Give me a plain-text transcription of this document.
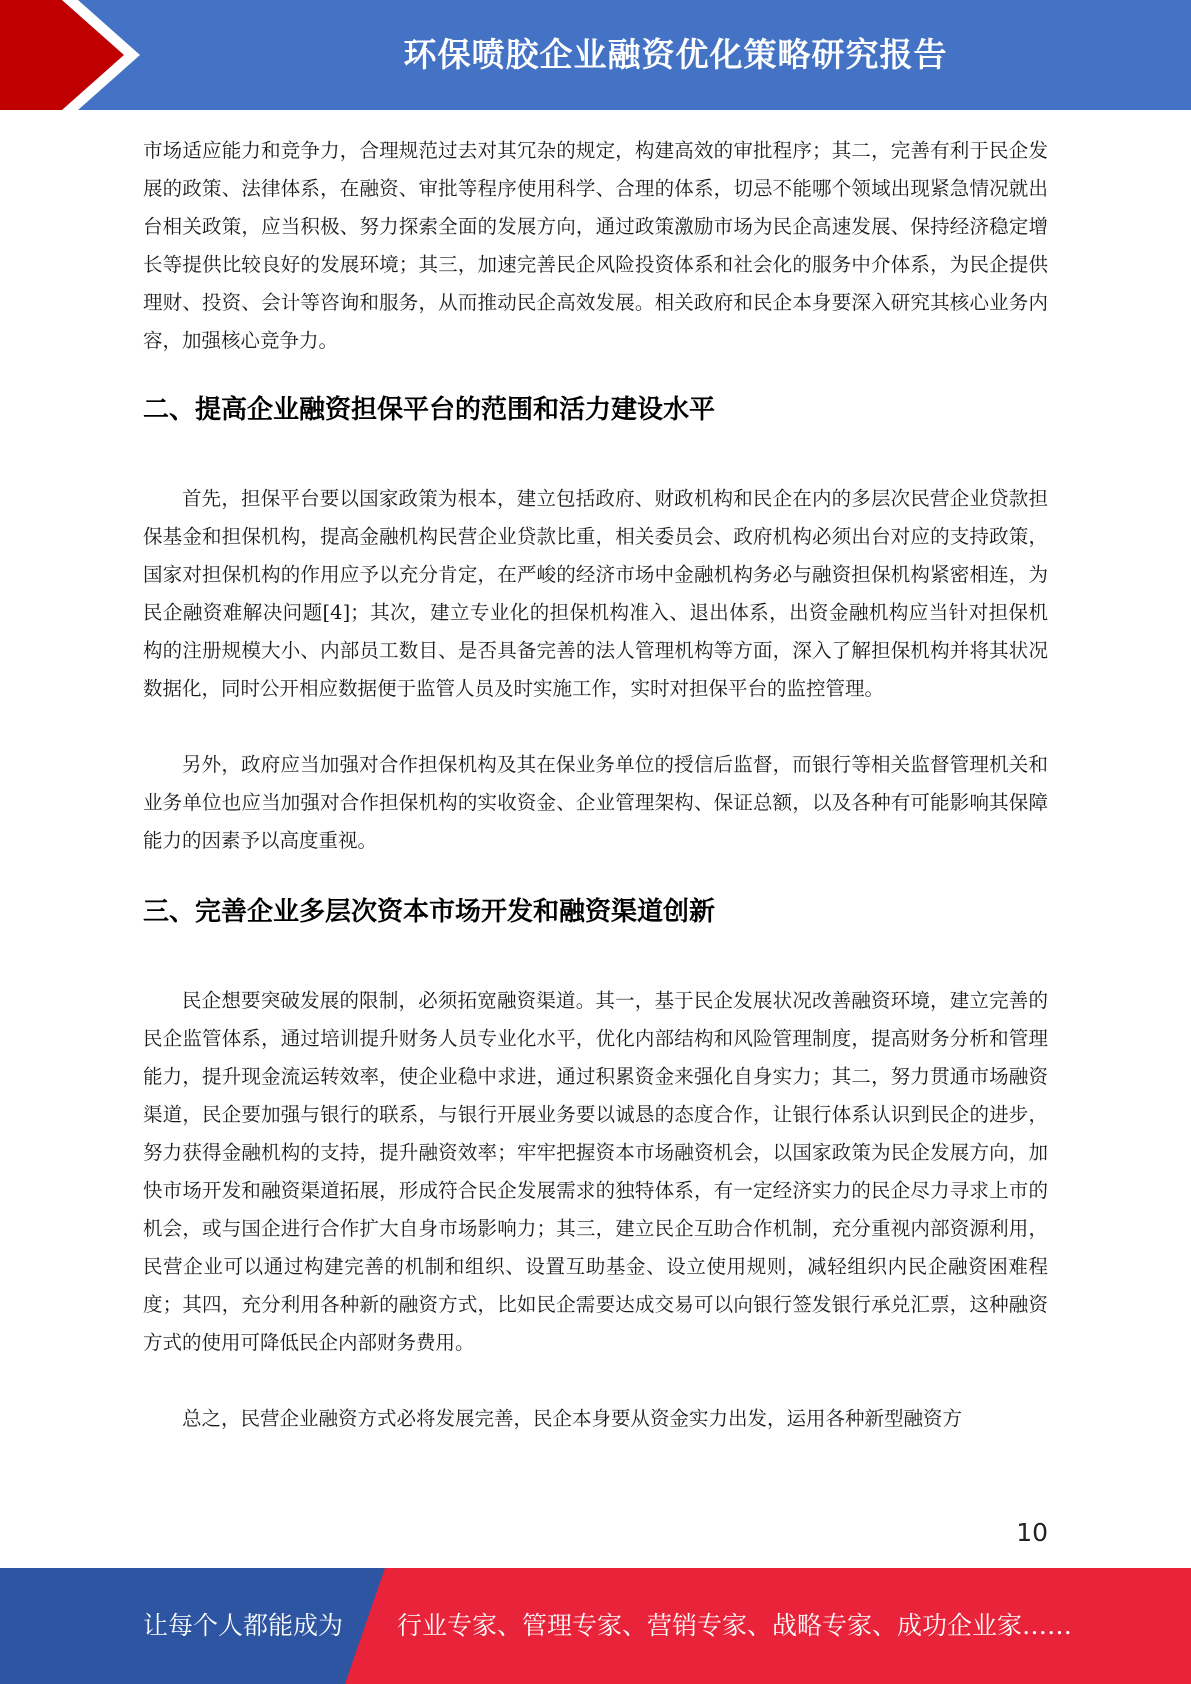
环保喷胶企业融资优化策略研究报告

市场适应能力和竞争力，合理规范过去对其冗杂的规定，构建高效的审批程序；其二，完善有利于民企发展的政策、法律体系，在融资、审批等程序使用科学、合理的体系，切忌不能哪个领域出现紧急情况就出台相关政策，应当积极、努力探索全面的发展方向，通过政策激励市场为民企高速发展、保持经济稳定增长等提供比较良好的发展环境；其三，加速完善民企风险投资体系和社会化的服务中介体系，为民企提供理财、投资、会计等咨询和服务，从而推动民企高效发展。相关政府和民企本身要深入研究其核心业务内容，加强核心竞争力。

二、提高企业融资担保平台的范围和活力建设水平

首先，担保平台要以国家政策为根本，建立包括政府、财政机构和民企在内的多层次民营企业贷款担保基金和担保机构，提高金融机构民营企业贷款比重，相关委员会、政府机构必须出台对应的支持政策，国家对担保机构的作用应予以充分肯定，在严峻的经济市场中金融机构务必与融资担保机构紧密相连，为民企融资难解决问题[4]；其次，建立专业化的担保机构准入、退出体系，出资金融机构应当针对担保机构的注册规模大小、内部员工数目、是否具备完善的法人管理机构等方面，深入了解担保机构并将其状况数据化，同时公开相应数据便于监管人员及时实施工作，实时对担保平台的监控管理。

另外，政府应当加强对合作担保机构及其在保业务单位的授信后监督，而银行等相关监督管理机关和业务单位也应当加强对合作担保机构的实收资金、企业管理架构、保证总额，以及各种有可能影响其保障能力的因素予以高度重视。

三、完善企业多层次资本市场开发和融资渠道创新

民企想要突破发展的限制，必须拓宽融资渠道。其一，基于民企发展状况改善融资环境，建立完善的民企监管体系，通过培训提升财务人员专业化水平，优化内部结构和风险管理制度，提高财务分析和管理能力，提升现金流运转效率，使企业稳中求进，通过积累资金来强化自身实力；其二，努力贯通市场融资渠道，民企要加强与银行的联系，与银行开展业务要以诚恳的态度合作，让银行体系认识到民企的进步，努力获得金融机构的支持，提升融资效率；牢牢把握资本市场融资机会，以国家政策为民企发展方向，加快市场开发和融资渠道拓展，形成符合民企发展需求的独特体系，有一定经济实力的民企尽力寻求上市的机会，或与国企进行合作扩大自身市场影响力；其三，建立民企互助合作机制，充分重视内部资源利用，民营企业可以通过构建完善的机制和组织、设置互助基金、设立使用规则，减轻组织内民企融资困难程度；其四，充分利用各种新的融资方式，比如民企需要达成交易可以向银行签发银行承兑汇票，这种融资方式的使用可降低民企内部财务费用。

总之，民营企业融资方式必将发展完善，民企本身要从资金实力出发，运用各种新型融资方

10
让每个人都能成为 行业专家、管理专家、营销专家、战略专家、成功企业家……
